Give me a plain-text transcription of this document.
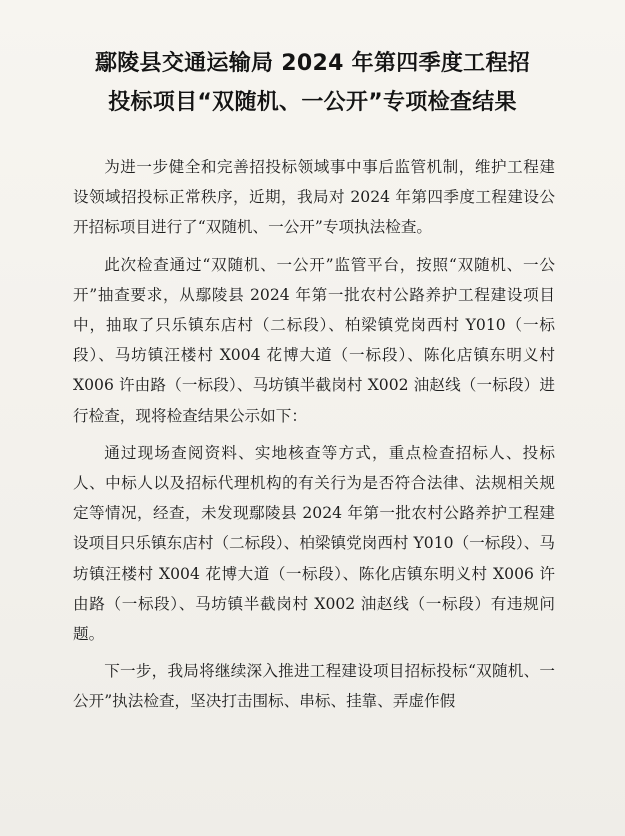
鄢陵县交通运输局 2024 年第四季度工程招
投标项目“双随机、一公开”专项检查结果

为进一步健全和完善招投标领域事中事后监管机制，维护工程建设领域招投标正常秩序，近期，我局对 2024 年第四季度工程建设公开招标项目进行了“双随机、一公开”专项执法检查。

此次检查通过“双随机、一公开”监管平台，按照“双随机、一公开”抽查要求，从鄢陵县 2024 年第一批农村公路养护工程建设项目中，抽取了只乐镇东店村（二标段）、柏梁镇党岗西村 Y010（一标段）、马坊镇汪楼村 X004 花博大道（一标段）、陈化店镇东明义村 X006 许由路（一标段）、马坊镇半截岗村 X002 油赵线（一标段）进行检查，现将检查结果公示如下：

通过现场查阅资料、实地核查等方式，重点检查招标人、投标人、中标人以及招标代理机构的有关行为是否符合法律、法规相关规定等情况，经查，未发现鄢陵县 2024 年第一批农村公路养护工程建设项目只乐镇东店村（二标段）、柏梁镇党岗西村 Y010（一标段）、马坊镇汪楼村 X004 花博大道（一标段）、陈化店镇东明义村 X006 许由路（一标段）、马坊镇半截岗村 X002 油赵线（一标段）有违规问题。

下一步，我局将继续深入推进工程建设项目招标投标“双随机、一公开”执法检查，坚决打击围标、串标、挂靠、弄虚作假
